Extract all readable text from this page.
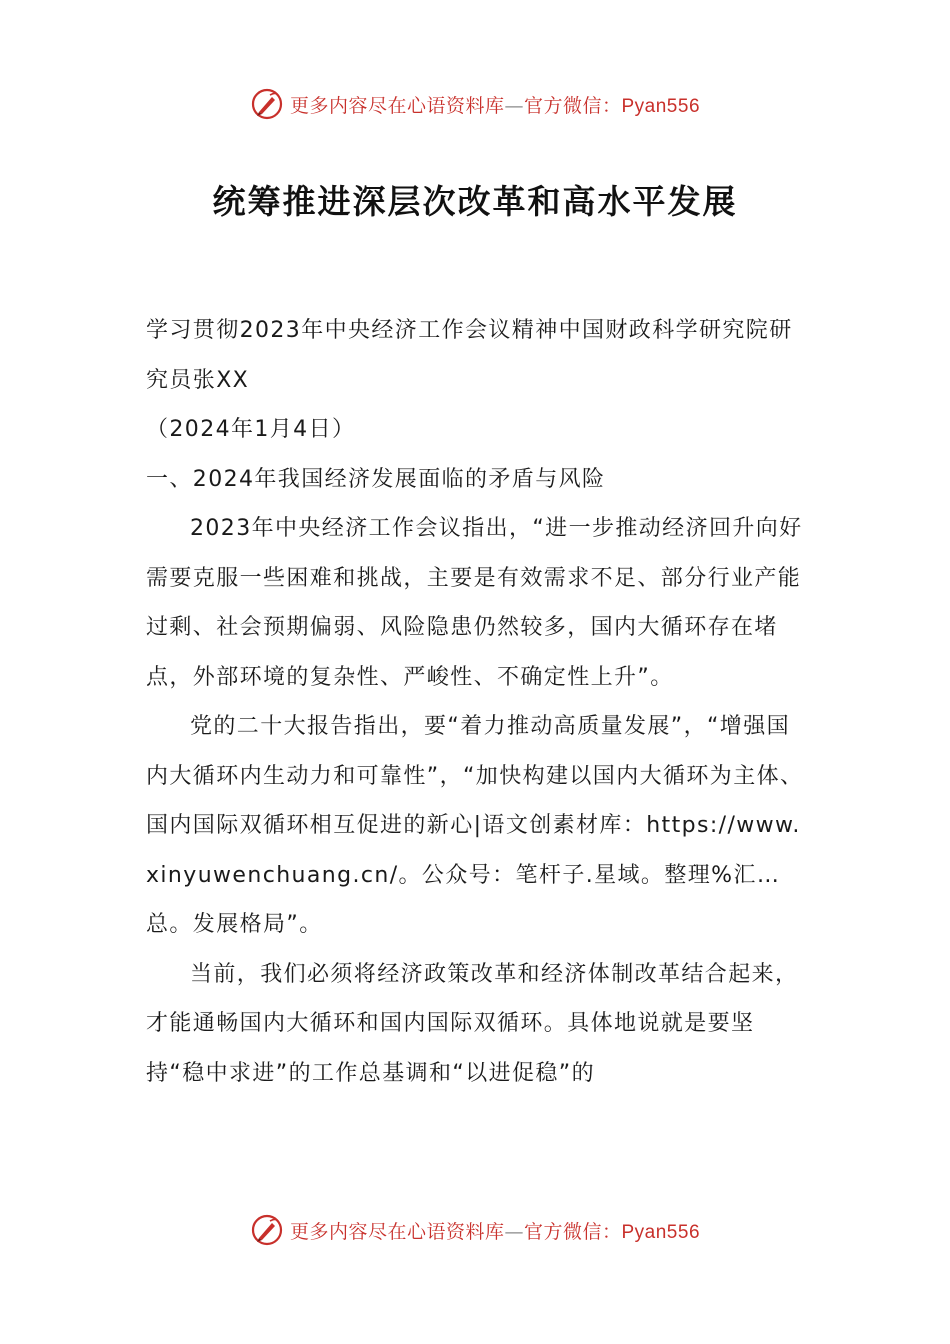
更多内容尽在心语资料库—官方微信：Pyan556
统筹推进深层次改革和高水平发展

学习贯彻2023年中央经济工作会议精神中国财政科学研究院研究员张XX

（2024年1月4日）

一、2024年我国经济发展面临的矛盾与风险

2023年中央经济工作会议指出，“进一步推动经济回升向好需要克服一些困难和挑战，主要是有效需求不足、部分行业产能过剩、社会预期偏弱、风险隐患仍然较多，国内大循环存在堵点，外部环境的复杂性、严峻性、不确定性上升”。

党的二十大报告指出，要“着力推动高质量发展”，“增强国内大循环内生动力和可靠性”，“加快构建以国内大循环为主体、国内国际双循环相互促进的新心|语文创素材库：https://www.xinyuwenchuang.cn/。公众号：笔杆子.星域。整理%汇…总。发展格局”。

当前，我们必须将经济政策改革和经济体制改革结合起来，才能通畅国内大循环和国内国际双循环。具体地说就是要坚持“稳中求进”的工作总基调和“以进促稳”的

更多内容尽在心语资料库—官方微信：Pyan556
